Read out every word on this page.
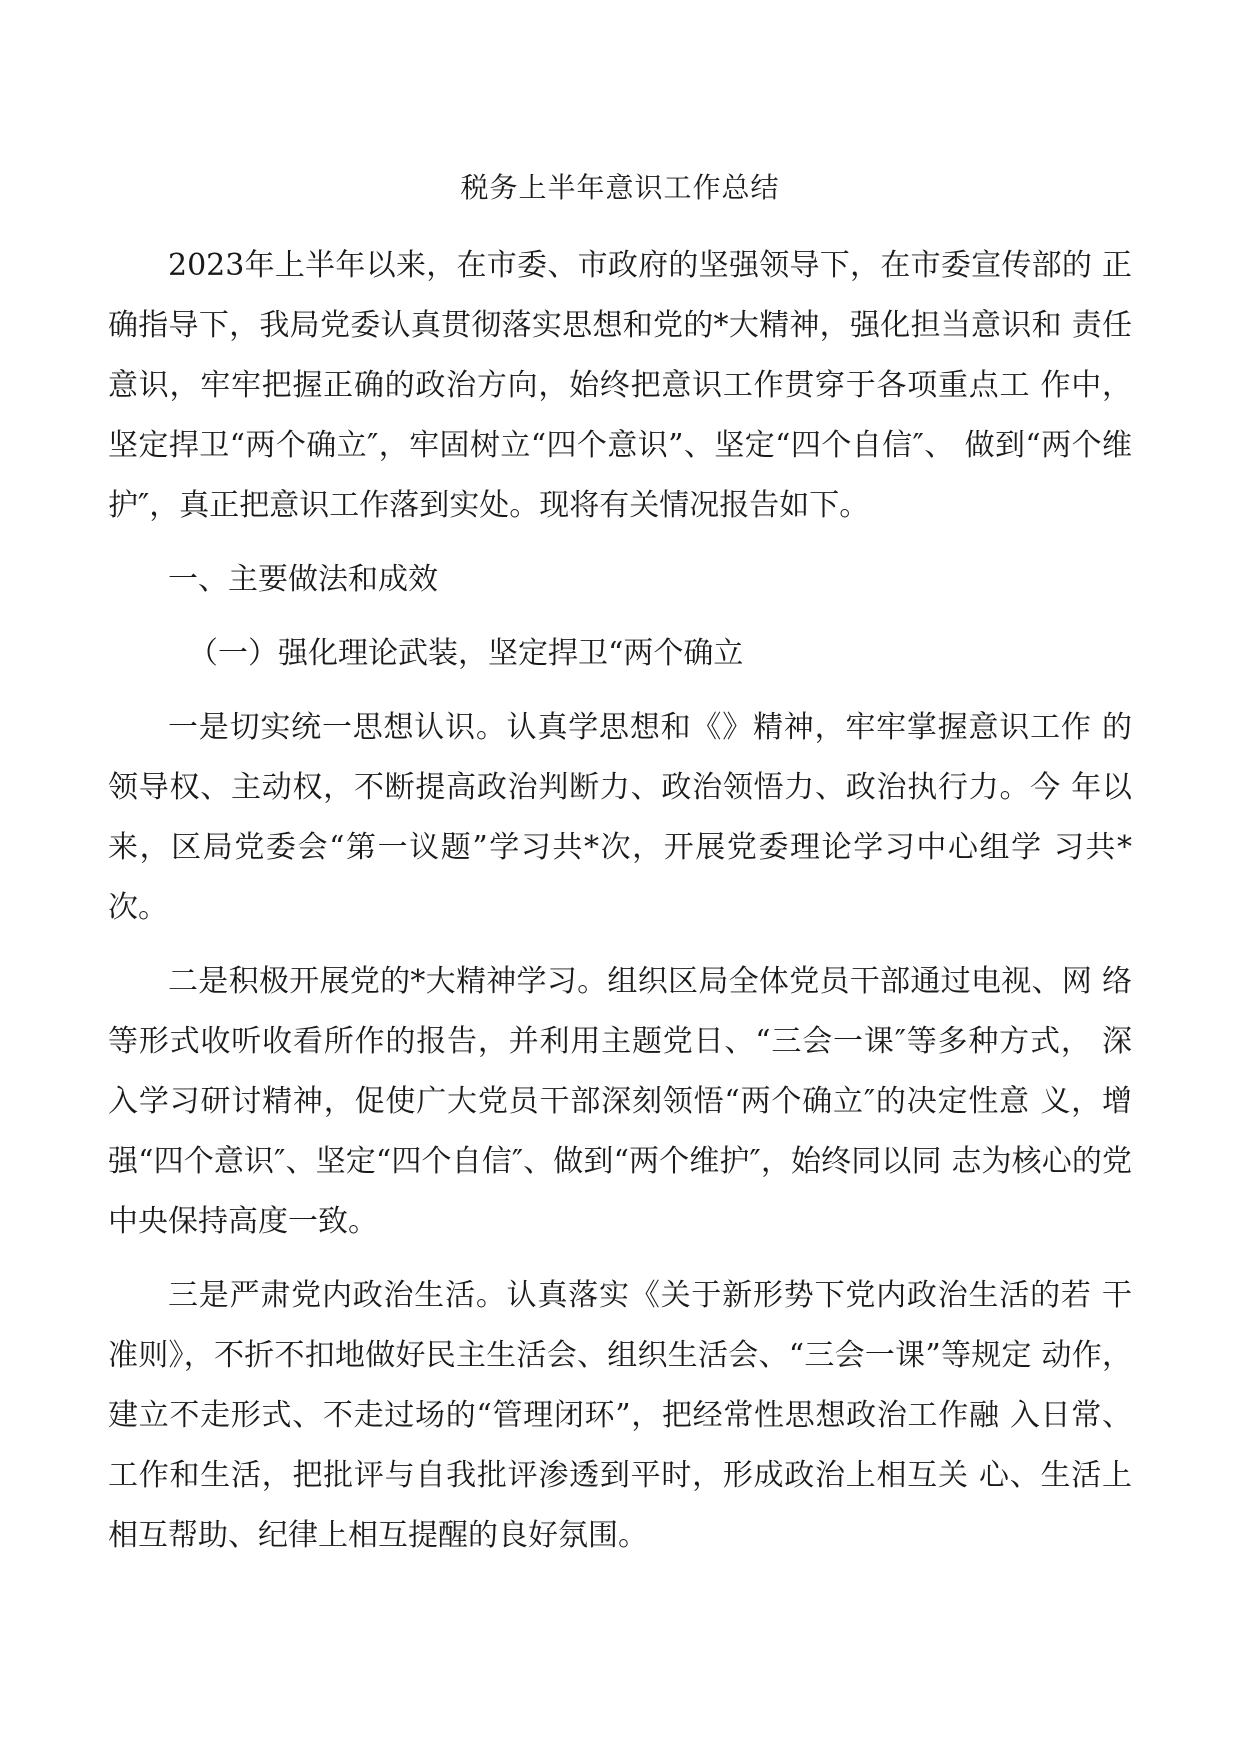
税务上半年意识工作总结

2023年上半年以来，在市委、市政府的坚强领导下，在市委宣传部的 正确指导下，我局党委认真贯彻落实思想和党的*大精神，强化担当意识和 责任意识，牢牢把握正确的政治方向，始终把意识工作贯穿于各项重点工 作中，坚定捍卫“两个确立″，牢固树立“四个意识”、坚定“四个自信″、 做到“两个维护″，真正把意识工作落到实处。现将有关情况报告如下。

一、主要做法和成效

（一）强化理论武装，坚定捍卫“两个确立

一是切实统一思想认识。认真学思想和《》精神，牢牢掌握意识工作 的领导权、主动权，不断提高政治判断力、政治领悟力、政治执行力。今 年以来，区局党委会“第一议题”学习共*次，开展党委理论学习中心组学 习共*次。

二是积极开展党的*大精神学习。组织区局全体党员干部通过电视、网 络等形式收听收看所作的报告，并利用主题党日、“三会一课″等多种方式， 深入学习研讨精神，促使广大党员干部深刻领悟“两个确立″的决定性意 义，增强“四个意识″、坚定“四个自信″、做到“两个维护″，始终同以同 志为核心的党中央保持高度一致。

三是严肃党内政治生活。认真落实《关于新形势下党内政治生活的若 干准则》，不折不扣地做好民主生活会、组织生活会、“三会一课”等规定 动作，建立不走形式、不走过场的“管理闭环”，把经常性思想政治工作融 入日常、工作和生活，把批评与自我批评渗透到平时，形成政治上相互关 心、生活上相互帮助、纪律上相互提醒的良好氛围。
